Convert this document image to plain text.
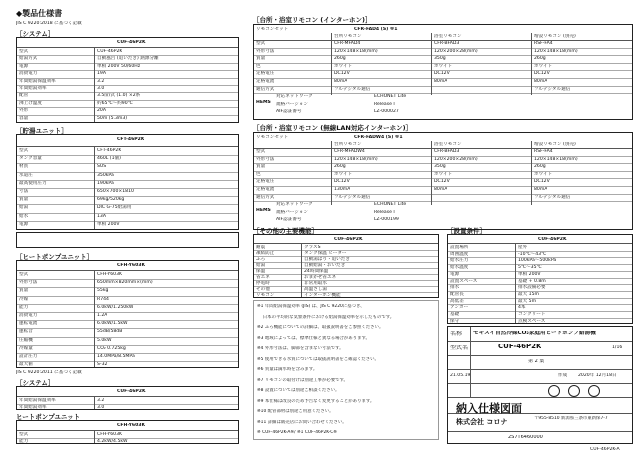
◆製品仕様書
JIS C 9220:2018 に基づく記載
［システム］
CUF-46P2K
型式	CUF-46P2K
給湯方式	自動風呂 (追いだき) 熱源分離
電源	単相 200V 50/60Hz
消費電力	19A
年間給湯保温効率	3.2
年間給湯効率	3.0
配管	3.5㎡/式 (1.0) ×2系
沸上げ温度	約65℃～約90℃
外形	20A
容量	50m (5.3m3)
［貯湯ユニット］
CFT-46P2K
型式	CFT-46P2K
タンク容量	460L (1個)
材質	SUS
水道圧	350kPa
最高使用圧力	190kPa
寸法	650×700×1810
質量	69kg/520kg
給湯	DIC G-75給湯用
給水	13A
電源	単相 200V
［ヒートポンプユニット］
CFH-Y603K
型式	CFH-Y603K
外形寸法	650mm×820mm×(mm)
質量	55kg
冷媒	R744
能力	6.0kW/1.250kW
消費電力	1.2A
運転電流	6.0kW/1.5kW
運転音	55dB/58dB
圧縮機	5.0kW
冷媒量	CO₂ 0.725kg
設計圧力	14.0MPa/8.5MPa
最大値	S-32
JIS C 9220:2011 に基づく記載
［システム］
CUF-46P2K
年間給湯保温効率	3.2
年間給湯効率	3.0
ヒートポンプユニット
CFH-Y603K
型式	CFH-Y603K
能力	4.2kW/4.5kW
［台所・浴室リモコン (インターホン)］
リモコンセット	CFR-FAD4 (S) ※1
台所リモコン	浴室リモコン	増設リモコン (別売)
型式	CFR-MFAD4	CFR-BFAD3	RSF-FA4
外形寸法	120×148×18(mm)	120×200×28(mm)	120×148×18(mm)
質量	260g	350g	260g
色	ホワイト	ホワイト	ホワイト
定格電圧	DC12V	DC12V	DC12V
定格電流	80mA	80mA	80mA
通信方式	フルデジタル通信	フルデジタル通信
HEMS
対応ネットワーク	ECHONET Lite
規格バージョン	Release I
AIF認証番号	LZ-000027
［台所・浴室リモコン (無線LAN対応インターホン)］
リモコンセット	CFR-FADW4 (S) ※1
台所リモコン	浴室リモコン	増設リモコン (別売)
型式	CFR-MFADW4	CFR-BFAD3	RSF-FA4
外形寸法	120×148×18(mm)	120×200×28(mm)	120×148×18(mm)
質量	260g	350g	260g
色	ホワイト	ホワイト	ホワイト
定格電圧	DC12V	DC12V	DC12V
定格電流	130mA	80mA	80mA
通信方式	フルデジタル通信	フルデジタル通信
HEMS
対応ネットワーク	ECHONET Lite
規格バージョン	Release I
AIF認証番号	LZ-000199
［その他の主要機能］
CUF-46P2K
耐震	クラスS
凍結防止	タンク保温 ヒーター
ふろ	自動湯はり・追いだき
給湯	自動給湯・おいだき
保温	24時間保温
省エネ	おまかせ省エネ
停電時	非常用取水
その他	高温さし湯
リモコン	インターホン機能
※1 年間給湯保温効率 (JIS) は、JIS C 9220に基づき、
　 日本の平均的な気象条件における給湯保温効率を示したものです。
※2 ふろ機能についての詳細は、取扱説明書をご参照ください。
※3 地域によっては、標準仕様と異なる場合があります。
※4 外形寸法は、脚部を含まない寸法です。
※5 使用できる水質については取扱説明書をご確認ください。
※6 質量は満水時を含みます。
※7 リモコンの取付けは別途工事が必要です。
※8 設置については別途ご相談ください。
※9 本仕様は改良のため予告なく変更することがあります。
※10 配管部材は別途ご用意ください。
※11 詳細は販売店にお問い合わせください。
※ CUF-46P2K-A※/ ※1 CUF-46P2K-C※
［設置条件］
CUF-46P2K
設置場所	屋外
周囲温度	-10℃～43℃
給水圧力	100kPa～500kPa
給水温度	5℃～35℃
電源	単相 200V
設置スペース	基礎 + 0.8m
排水	排水設備必要
配管長	最大 15m
高低差	最大 5m
アンカー	4本
基礎	コンクリート
保守	点検スペース
名称 セキスイ自然冷媒CO₂家庭用ヒートポンプ給湯機
型式名	CUF-46P2K	1/16
第 2 葉
21.05.19	作成 2020年 12月18日
納入仕様図面
株式会社 コロナ	〒955-8510 新潟県三条市東新保7-7
2S7T6460000
CUF-46P2K-A
